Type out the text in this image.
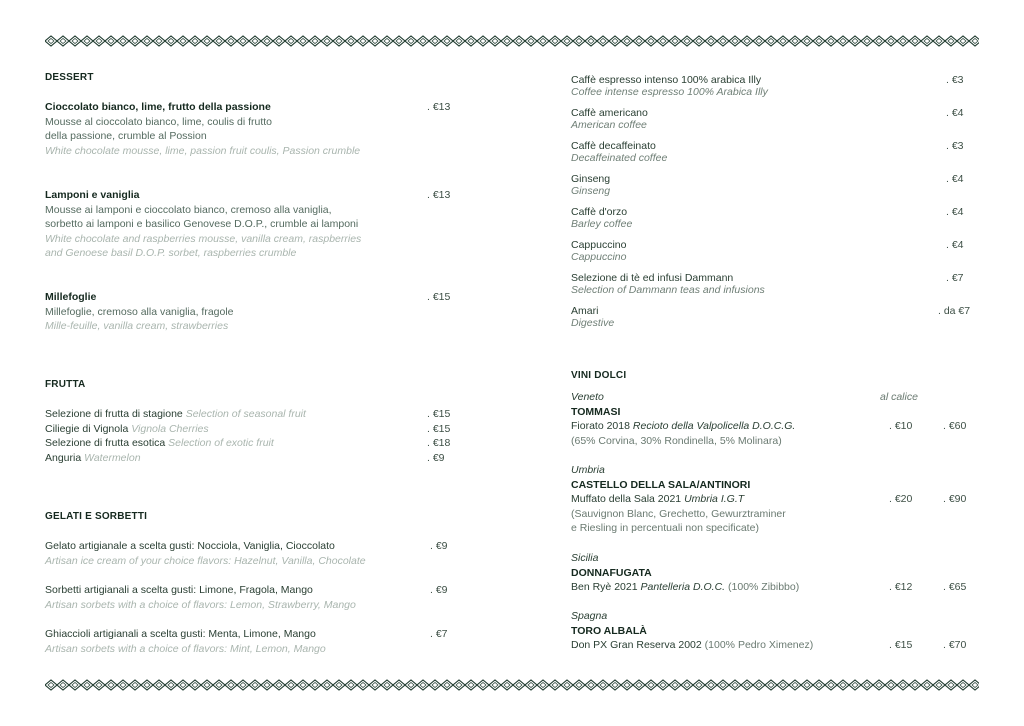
DESSERT
Cioccolato bianco, lime, frutto della passione	. €13
Mousse al cioccolato bianco, lime, coulis di frutto
della passione, crumble al Possion
White chocolate mousse, lime, passion fruit coulis, Passion crumble
Lamponi e vaniglia	. €13
Mousse ai lamponi e cioccolato bianco, cremoso alla vaniglia,
sorbetto ai lamponi e basilico Genovese D.O.P., crumble ai lamponi
White chocolate and raspberries mousse, vanilla cream, raspberries
and Genoese basil D.O.P. sorbet, raspberries crumble
Millefoglie	. €15
Millefoglie, cremoso alla vaniglia, fragole
Mille-feuille, vanilla cream, strawberries
FRUTTA
Selezione di frutta di stagione Selection of seasonal fruit	. €15
Ciliegie di Vignola Vignola Cherries	. €15
Selezione di frutta esotica Selection of exotic fruit	. €18
Anguria Watermelon	. €9
GELATI E SORBETTI
Gelato artigianale a scelta gusti: Nocciola, Vaniglia, Cioccolato	. €9
Artisan ice cream of your choice flavors: Hazelnut, Vanilla, Chocolate
Sorbetti artigianali a scelta gusti: Limone, Fragola, Mango	. €9
Artisan sorbets with a choice of flavors: Lemon, Strawberry, Mango
Ghiaccioli artigianali a scelta gusti: Menta, Limone, Mango	. €7
Artisan sorbets with a choice of flavors: Mint, Lemon, Mango
Caffè espresso intenso 100% arabica Illy	. €3
Coffee intense espresso 100% Arabica Illy
Caffè americano	. €4
American coffee
Caffè decaffeinato	. €3
Decaffeinated coffee
Ginseng	. €4
Ginseng
Caffè d'orzo	. €4
Barley coffee
Cappuccino	. €4
Cappuccino
Selezione di tè ed infusi Dammann	. €7
Selection of Dammann teas and infusions
Amari	. da €7
Digestive
VINI DOLCI
Veneto	al calice
TOMMASI
Fiorato 2018 Recioto della Valpolicella D.O.C.G.	. €10	. €60
(65% Corvina, 30% Rondinella, 5% Molinara)
Umbria
CASTELLO DELLA SALA/ANTINORI
Muffato della Sala 2021 Umbria I.G.T	. €20	. €90
(Sauvignon Blanc, Grechetto, Gewurztraminer
e Riesling in percentuali non specificate)
Sicilia
DONNAFUGATA
Ben Ryè 2021 Pantelleria D.O.C. (100% Zibibbo)	. €12	. €65
Spagna
TORO ALBALÀ
Don PX Gran Reserva 2002 (100% Pedro Ximenez)	. €15	. €70
